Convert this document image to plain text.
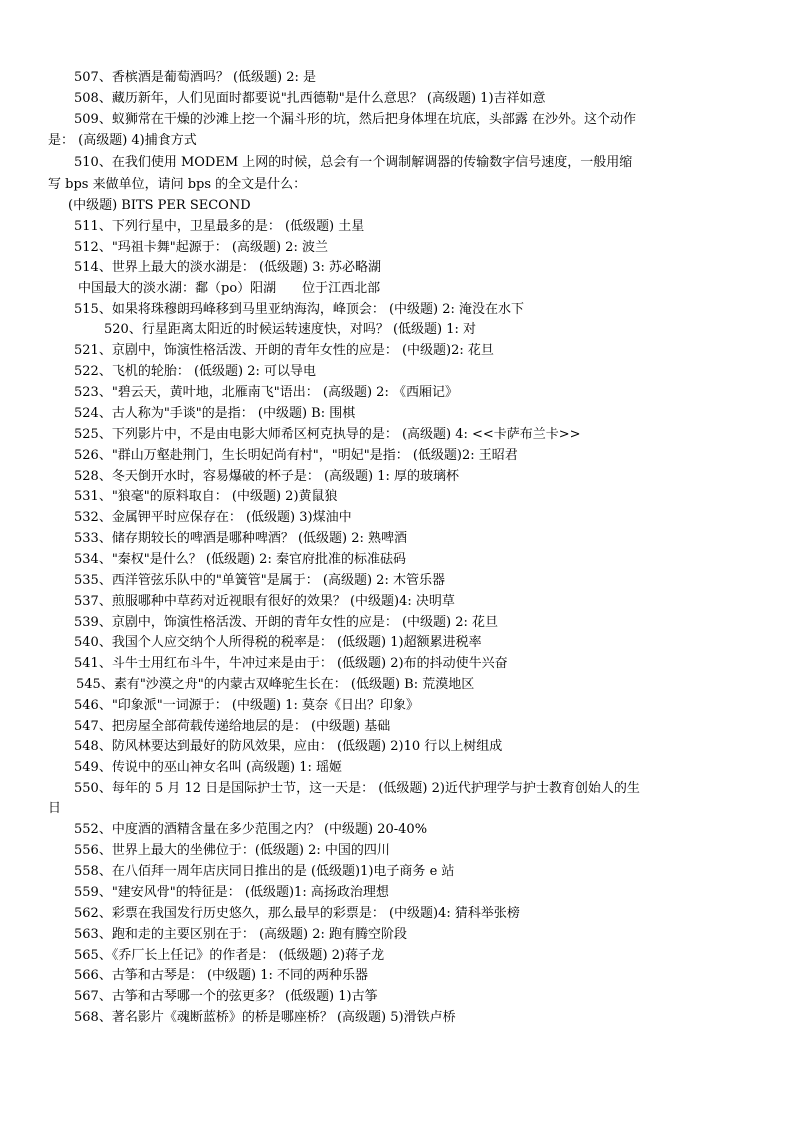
507、香槟酒是葡萄酒吗？ (低级题) 2: 是
508、藏历新年，人们见面时都要说"扎西德勒"是什么意思？ (高级题) 1)吉祥如意
509、蚁狮常在干燥的沙滩上挖一个漏斗形的坑，然后把身体埋在坑底，头部露 在沙外。这个动作
是： (高级题) 4)捕食方式
510、在我们使用 MODEM 上网的时候，总会有一个调制解调器的传输数字信号速度，一般用缩
写 bps 来做单位，请问 bps 的全文是什么：
(中级题) BITS PER SECOND
511、下列行星中，卫星最多的是： (低级题) 土星
512、"玛祖卡舞"起源于： (高级题) 2: 波兰
514、世界上最大的淡水湖是： (低级题) 3: 苏必略湖
中国最大的淡水湖：鄱（po）阳湖　　位于江西北部
515、如果将珠穆朗玛峰移到马里亚纳海沟，峰顶会： (中级题) 2: 淹没在水下
520、行星距离太阳近的时候运转速度快，对吗？ (低级题) 1: 对
521、京剧中，饰演性格活泼、开朗的青年女性的应是： (中级题)2: 花旦
522、飞机的轮胎： (低级题) 2: 可以导电
523、"碧云天，黄叶地，北雁南飞"语出： (高级题) 2: 《西厢记》
524、古人称为"手谈"的是指： (中级题) B: 围棋
525、下列影片中，不是由电影大师希区柯克执导的是： (高级题) 4: <<卡萨布兰卡>>
526、"群山万壑赴荆门，生长明妃尚有村"，"明妃"是指： (低级题)2: 王昭君
528、冬天倒开水时，容易爆破的杯子是： (高级题) 1: 厚的玻璃杯
531、"狼毫"的原料取自： (中级题) 2)黄鼠狼
532、金属钾平时应保存在： (低级题) 3)煤油中
533、储存期较长的啤酒是哪种啤酒？ (低级题) 2: 熟啤酒
534、"秦权"是什么？ (低级题) 2: 秦官府批准的标准砝码
535、西洋管弦乐队中的"单簧管"是属于： (高级题) 2: 木管乐器
537、煎服哪种中草药对近视眼有很好的效果？ (中级题)4: 决明草
539、京剧中，饰演性格活泼、开朗的青年女性的应是： (中级题) 2: 花旦
540、我国个人应交纳个人所得税的税率是： (低级题) 1)超额累进税率
541、斗牛士用红布斗牛，牛冲过来是由于： (低级题) 2)布的抖动使牛兴奋
545、素有"沙漠之舟"的内蒙古双峰驼生长在： (低级题) B: 荒漠地区
546、"印象派"一词源于： (中级题) 1: 莫奈《日出？印象》
547、把房屋全部荷载传递给地层的是： (中级题) 基础
548、防风林要达到最好的防风效果，应由： (低级题) 2)10 行以上树组成
549、传说中的巫山神女名叫 (高级题) 1: 瑶姬
550、每年的 5 月 12 日是国际护士节，这一天是： (低级题) 2)近代护理学与护士教育创始人的生
日
552、中度酒的酒精含量在多少范围之内？ (中级题) 20-40%
556、世界上最大的坐佛位于：(低级题) 2: 中国的四川
558、在八佰拜一周年店庆同日推出的是 (低级题)1)电子商务 e 站
559、"建安风骨"的特征是： (低级题)1: 高扬政治理想
562、彩票在我国发行历史悠久，那么最早的彩票是： (中级题)4: 猜科举张榜
563、跑和走的主要区别在于： (高级题) 2: 跑有腾空阶段
565、《乔厂长上任记》的作者是： (低级题) 2)蒋子龙
566、古筝和古琴是： (中级题) 1: 不同的两种乐器
567、古筝和古琴哪一个的弦更多？ (低级题) 1)古筝
568、著名影片《魂断蓝桥》的桥是哪座桥？ (高级题) 5)滑铁卢桥
